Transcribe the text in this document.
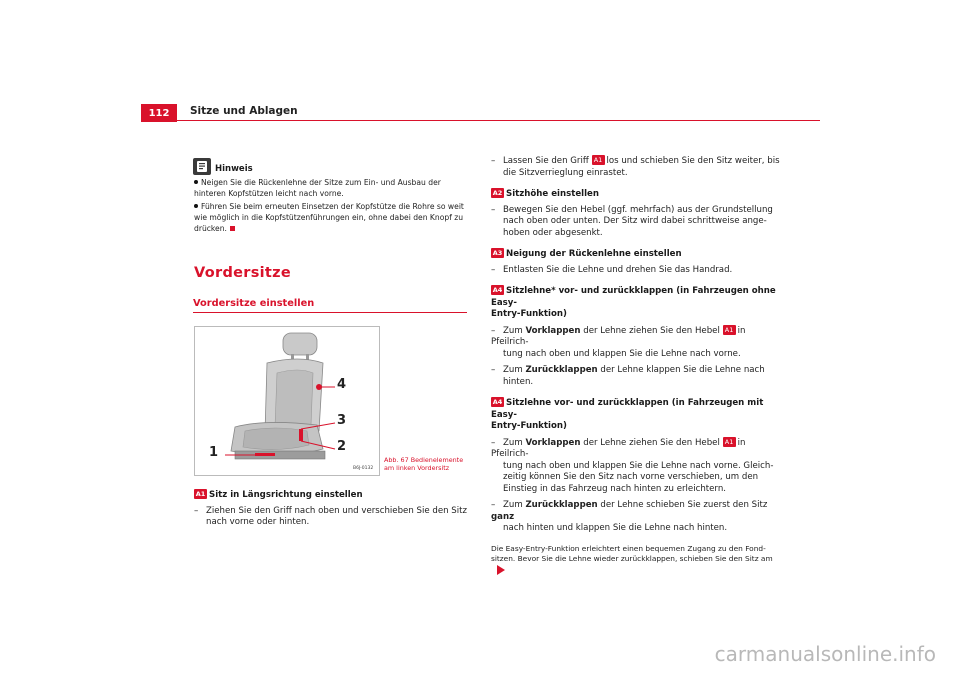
112	Sitze und Ablagen
Hinweis
Neigen Sie die Rückenlehne der Sitze zum Ein- und Ausbau der hinteren Kopfstützen leicht nach vorne.
Führen Sie beim erneuten Einsetzen der Kopfstütze die Rohre so weit wie möglich in die Kopfstützenführungen ein, ohne dabei den Knopf zu drücken.
Vordersitze
Vordersitze einstellen
4
3
2
1
B6J-0132
Abb. 67 Bedienelemente
am linken Vordersitz
A1 Sitz in Längsrichtung einstellen
– Ziehen Sie den Griff nach oben und verschieben Sie den Sitz
nach vorne oder hinten.
– Lassen Sie den Griff A1 los und schieben Sie den Sitz weiter, bis
die Sitzverrieglung einrastet.
A2 Sitzhöhe einstellen
– Bewegen Sie den Hebel (ggf. mehrfach) aus der Grundstellung
nach oben oder unten. Der Sitz wird dabei schrittweise ange-
hoben oder abgesenkt.
A3 Neigung der Rückenlehne einstellen
– Entlasten Sie die Lehne und drehen Sie das Handrad.
A4 Sitzlehne* vor- und zurückklappen (in Fahrzeugen ohne Easy-
Entry-Funktion)
– Zum Vorklappen der Lehne ziehen Sie den Hebel A1 in Pfeilrich-
tung nach oben und klappen Sie die Lehne nach vorne.
– Zum Zurückklappen der Lehne klappen Sie die Lehne nach
hinten.
A4 Sitzlehne vor- und zurückklappen (in Fahrzeugen mit Easy-
Entry-Funktion)
– Zum Vorklappen der Lehne ziehen Sie den Hebel A1 in Pfeilrich-
tung nach oben und klappen Sie die Lehne nach vorne. Gleich-
zeitig können Sie den Sitz nach vorne verschieben, um den
Einstieg in das Fahrzeug nach hinten zu erleichtern.
– Zum Zurückklappen der Lehne schieben Sie zuerst den Sitz ganz
nach hinten und klappen Sie die Lehne nach hinten.
Die Easy-Entry-Funktion erleichtert einen bequemen Zugang zu den Fond-
sitzen. Bevor Sie die Lehne wieder zurückklappen, schieben Sie den Sitz am
carmanualsonline.info
